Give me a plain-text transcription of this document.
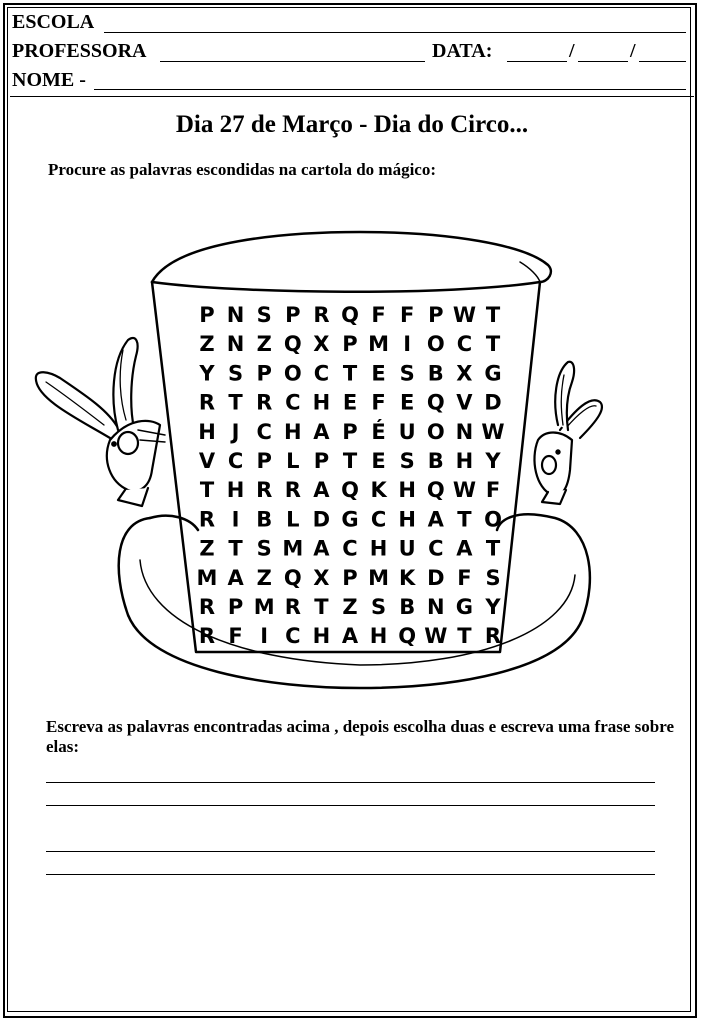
ESCOLA
PROFESSORA	DATA:	/	/
NOME -
Dia 27 de Março - Dia do Circo...
Procure as palavras escondidas na cartola do mágico:
P N S P R Q F F P W T
Z N Z Q X P M I O C T
Y S P O C T E S B X G
R T R C H E F E Q V D
H J C H A P É U O N W
V C P L P T E S B H Y
T H R R A Q K H Q W F
R I B L D G C H A T O
Z T S M A C H U C A T
M A Z Q X P M K D F S
R P M R T Z S B N G Y
R F I C H A H Q W T R
Escreva as palavras encontradas acima , depois escolha duas e escreva uma frase sobre elas:
